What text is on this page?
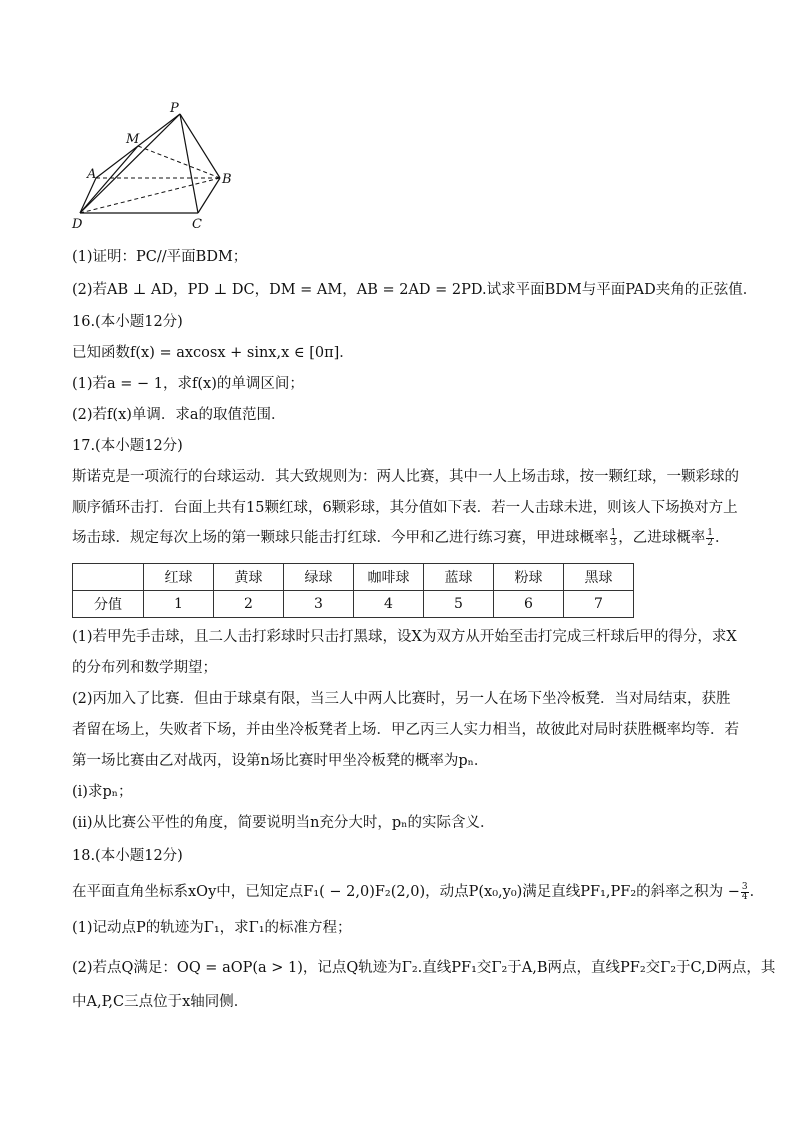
P
M
A	B
C
D
(1)证明：PC//平面BDM；
(2)若AB ⊥ AD，PD ⊥ DC，DM = AM，AB = 2AD = 2PD.试求平面BDM与平面PAD夹角的正弦值．
16.(本小题12分)
已知函数f(x) = axcosx + sinx,x ∈ [0π]．
(1)若a = − 1，求f(x)的单调区间；
(2)若f(x)单调．求a的取值范围．
17.(本小题12分)
斯诺克是一项流行的台球运动．其大致规则为：两人比赛，其中一人上场击球，按一颗红球，一颗彩球的
顺序循环击打．台面上共有15颗红球，6颗彩球，其分值如下表．若一人击球未进，则该人下场换对方上
场击球．规定每次上场的第一颗球只能击打红球．今甲和乙进行练习赛，甲进球概率 $\frac{1}{3}$ ，乙进球概率 $\frac{1}{2}$ ．
	红球	黄球	绿球	咖啡球	蓝球	粉球	黑球
分值	1	2	3	4	5	6	7
(1)若甲先手击球，且二人击打彩球时只击打黑球，设X为双方从开始至击打完成三杆球后甲的得分，求X
的分布列和数学期望；
(2)丙加入了比赛．但由于球桌有限，当三人中两人比赛时，另一人在场下坐冷板凳．当对局结束，获胜
者留在场上，失败者下场，并由坐冷板凳者上场．甲乙丙三人实力相当，故彼此对局时获胜概率均等．若
第一场比赛由乙对战丙，设第n场比赛时甲坐冷板凳的概率为pₙ．
(i)求pₙ；
(ii)从比赛公平性的角度，简要说明当n充分大时，pₙ的实际含义．
18.(本小题12分)
在平面直角坐标系xOy中，已知定点F₁( − 2,0)F₂(2,0)，动点P(x₀,y₀)满足直线PF₁,PF₂的斜率之积为 − $\frac{3}{4}$ ．
(1)记动点P的轨迹为Γ₁，求Γ₁的标准方程；
(2)若点Q满足：OQ = aOP(a > 1)，记点Q轨迹为Γ₂.直线PF₁交Γ₂于A,B两点，直线PF₂交Γ₂于C,D两点，其
中A,P,C三点位于x轴同侧．
